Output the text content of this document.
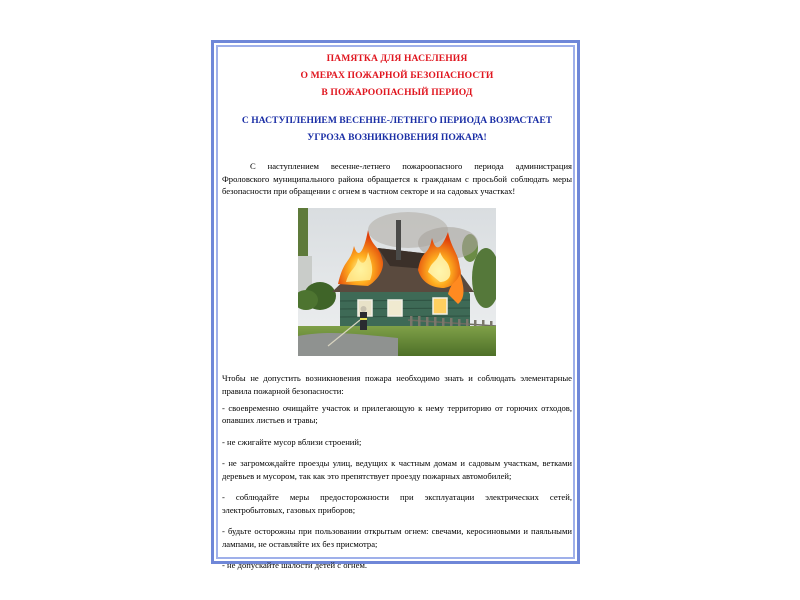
ПАМЯТКА ДЛЯ НАСЕЛЕНИЯ
О МЕРАХ ПОЖАРНОЙ БЕЗОПАСНОСТИ
В ПОЖАРООПАСНЫЙ ПЕРИОД
С НАСТУПЛЕНИЕМ ВЕСЕННЕ-ЛЕТНЕГО ПЕРИОДА ВОЗРАСТАЕТ
УГРОЗА ВОЗНИКНОВЕНИЯ ПОЖАРА!

С наступлением весенне-летнего пожароопасного периода администрация Фроловского муниципального района обращается к гражданам с просьбой соблюдать меры безопасности при обращении с огнем в частном секторе и на садовых участках!

Чтобы не допустить возникновения пожара необходимо знать и соблюдать элементарные правила пожарной безопасности:

- своевременно очищайте участок и прилегающую к нему территорию от горючих отходов, опавших листьев и травы;

- не сжигайте мусор вблизи строений;

- не загромождайте проезды улиц, ведущих к частным домам и садовым участкам, ветками деревьев и мусором, так как это препятствует проезду пожарных автомобилей;

- соблюдайте меры предосторожности при эксплуатации электрических сетей, электробытовых, газовых приборов;

- будьте осторожны при пользовании открытым огнем: свечами, керосиновыми и паяльными лампами, не оставляйте их без присмотра;

- не допускайте шалости детей с огнем.
